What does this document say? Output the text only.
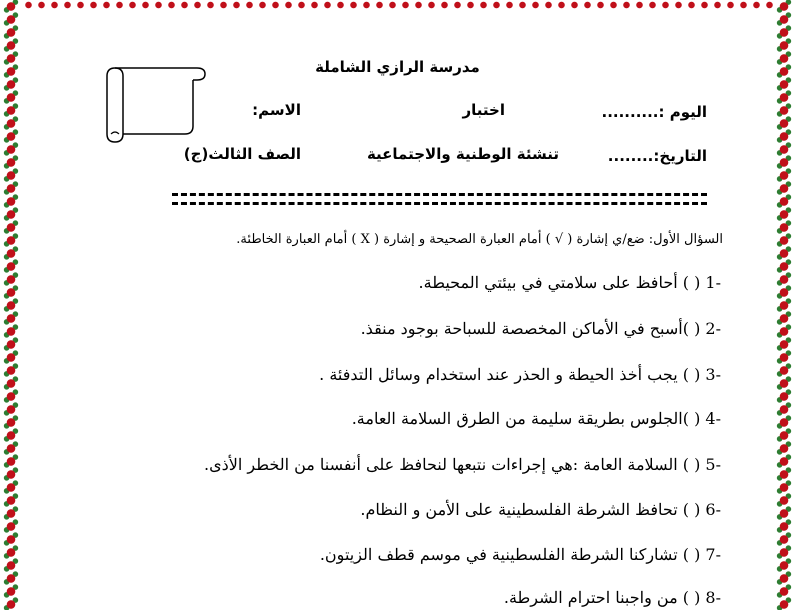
مدرسة الرازي الشاملة
اليوم :..........
اختبار
الاسم:
التاريخ:........
تنشئة الوطنية والاجتماعية
الصف الثالث(ج)
السؤال الأول: ضع/ي إشارة ( √ ) أمام العبارة الصحيحة و إشارة ( X ) أمام العبارة الخاطئة.
-1 ( ) أحافظ على سلامتي في بيئتي المحيطة.
-2 ( )أسبح في الأماكن المخصصة للسباحة بوجود منقذ.
-3 ( ) يجب أخذ الحيطة و الحذر عند استخدام وسائل التدفئة .
-4 ( )الجلوس بطريقة سليمة من الطرق السلامة العامة.
-5 ( ) السلامة العامة :هي إجراءات نتبعها لنحافظ على أنفسنا من الخطر الأذى.
-6 ( ) تحافظ الشرطة الفلسطينية على الأمن و النظام.
-7 ( ) تشاركنا الشرطة الفلسطينية في موسم قطف الزيتون.
-8 ( ) من واجبنا احترام الشرطة.
